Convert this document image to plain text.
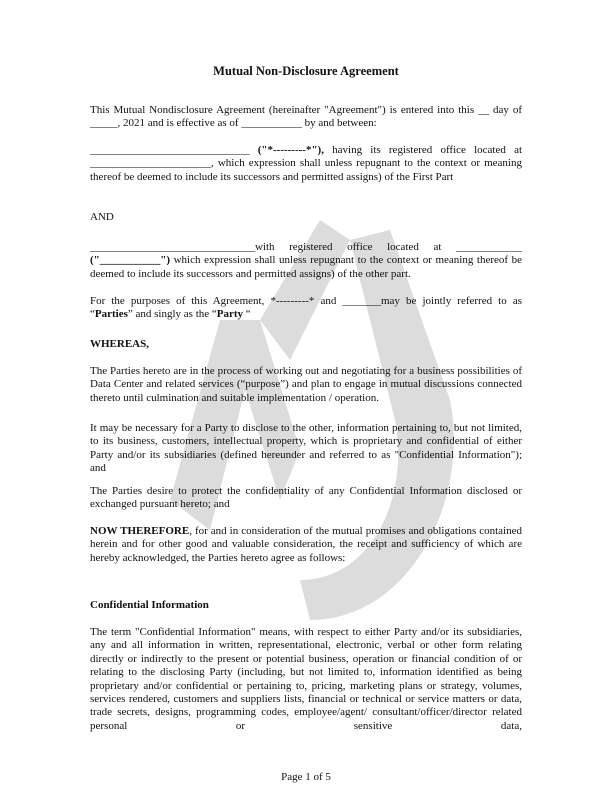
Mutual Non-Disclosure Agreement
This Mutual Nondisclosure Agreement (hereinafter "Agreement") is entered into this __ day of _____, 2021 and is effective as of ___________ by and between:
_____________________________ ("*---------*"), having its registered office located at ______________________, which expression shall unless repugnant to the context or meaning thereof be deemed to include its successors and permitted assigns) of the First Part
AND
______________________________with registered office located at ____________ ("___________") which expression shall unless repugnant to the context or meaning thereof be deemed to include its successors and permitted assigns) of the other part.
For the purposes of this Agreement, *---------* and _______may be jointly referred to as “Parties” and singly as the “Party “
WHEREAS,
The Parties hereto are in the process of working out and negotiating for a business possibilities of Data Center and related services (“purpose”) and plan to engage in mutual discussions connected thereto until culmination and suitable implementation / operation.
It may be necessary for a Party to disclose to the other, information pertaining to, but not limited, to its business, customers, intellectual property, which is proprietary and confidential of either Party and/or its subsidiaries (defined hereunder and referred to as "Confidential Information"); and
The Parties desire to protect the confidentiality of any Confidential Information disclosed or exchanged pursuant hereto; and
NOW THEREFORE, for and in consideration of the mutual promises and obligations contained herein and for other good and valuable consideration, the receipt and sufficiency of which are hereby acknowledged, the Parties hereto agree as follows:
Confidential Information
The term "Confidential Information" means, with respect to either Party and/or its subsidiaries, any and all information in written, representational, electronic, verbal or other form relating directly or indirectly to the present or potential business, operation or financial condition of or relating to the disclosing Party (including, but not limited to, information identified as being proprietary and/or confidential or pertaining to, pricing, marketing plans or strategy, volumes, services rendered, customers and suppliers lists, financial or technical or service matters or data, trade secrets, designs, programming codes, employee/agent/ consultant/officer/director related personal or sensitive data,
Page 1 of 5
